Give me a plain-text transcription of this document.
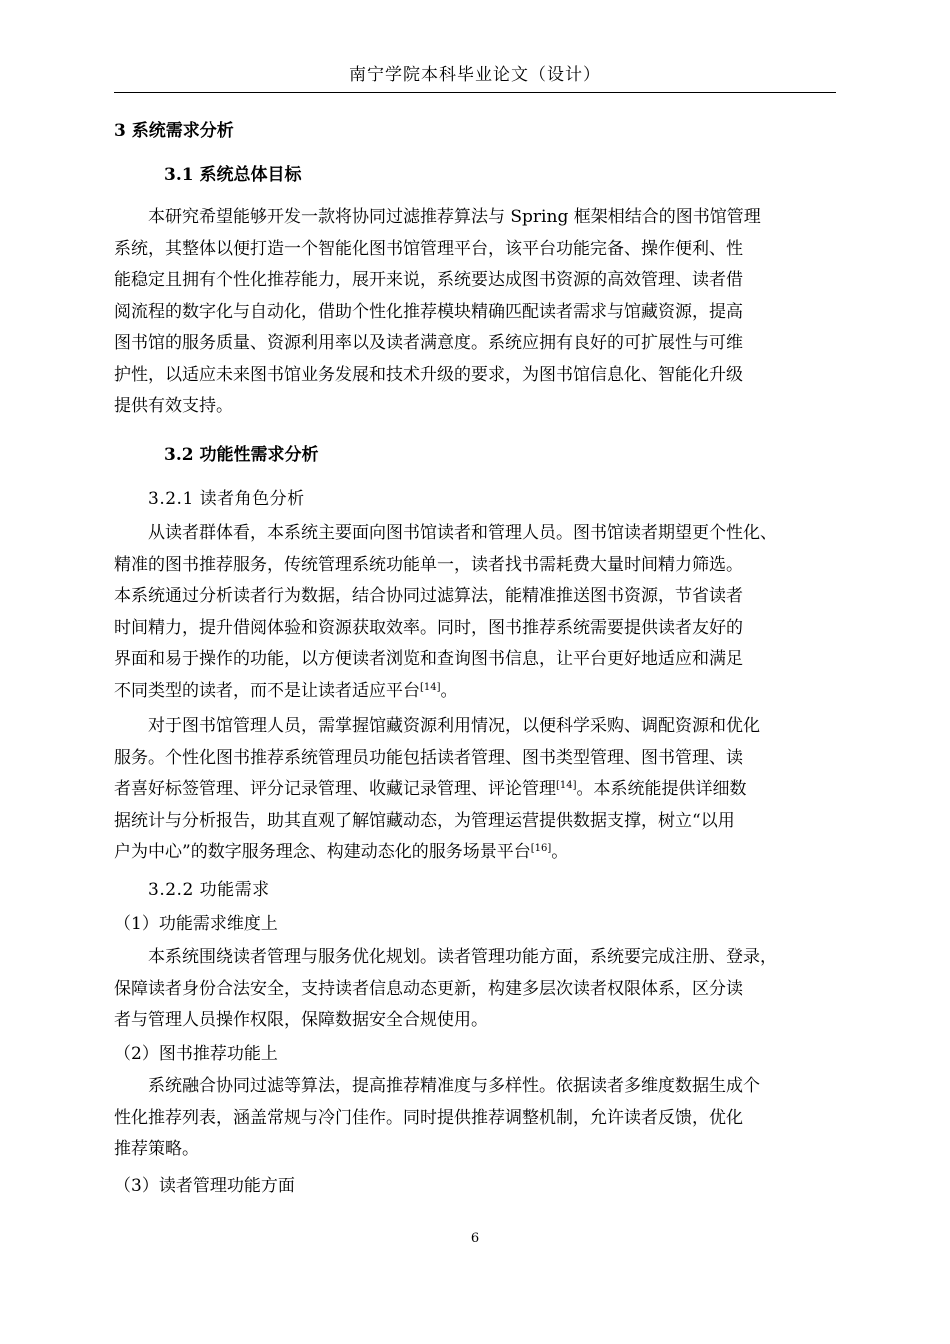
南宁学院本科毕业论文（设计）
3 系统需求分析
3.1 系统总体目标
本研究希望能够开发一款将协同过滤推荐算法与 Spring 框架相结合的图书馆管理
系统，其整体以便打造一个智能化图书馆管理平台，该平台功能完备、操作便利、性
能稳定且拥有个性化推荐能力，展开来说，系统要达成图书资源的高效管理、读者借
阅流程的数字化与自动化，借助个性化推荐模块精确匹配读者需求与馆藏资源，提高
图书馆的服务质量、资源利用率以及读者满意度。系统应拥有良好的可扩展性与可维
护性，以适应未来图书馆业务发展和技术升级的要求，为图书馆信息化、智能化升级
提供有效支持。
3.2 功能性需求分析
3.2.1 读者角色分析
从读者群体看，本系统主要面向图书馆读者和管理人员。图书馆读者期望更个性化、
精准的图书推荐服务，传统管理系统功能单一，读者找书需耗费大量时间精力筛选。
本系统通过分析读者行为数据，结合协同过滤算法，能精准推送图书资源，节省读者
时间精力，提升借阅体验和资源获取效率。同时，图书推荐系统需要提供读者友好的
界面和易于操作的功能，以方便读者浏览和查询图书信息，让平台更好地适应和满足
不同类型的读者，而不是让读者适应平台[14]。
对于图书馆管理人员，需掌握馆藏资源利用情况，以便科学采购、调配资源和优化
服务。个性化图书推荐系统管理员功能包括读者管理、图书类型管理、图书管理、读
者喜好标签管理、评分记录管理、收藏记录管理、评论管理[14]。本系统能提供详细数
据统计与分析报告，助其直观了解馆藏动态，为管理运营提供数据支撑，树立“以用
户为中心”的数字服务理念、构建动态化的服务场景平台[16]。
3.2.2 功能需求
（1）功能需求维度上
本系统围绕读者管理与服务优化规划。读者管理功能方面，系统要完成注册、登录，
保障读者身份合法安全，支持读者信息动态更新，构建多层次读者权限体系，区分读
者与管理人员操作权限，保障数据安全合规使用。
（2）图书推荐功能上
系统融合协同过滤等算法，提高推荐精准度与多样性。依据读者多维度数据生成个
性化推荐列表，涵盖常规与冷门佳作。同时提供推荐调整机制，允许读者反馈，优化
推荐策略。
（3）读者管理功能方面
6
